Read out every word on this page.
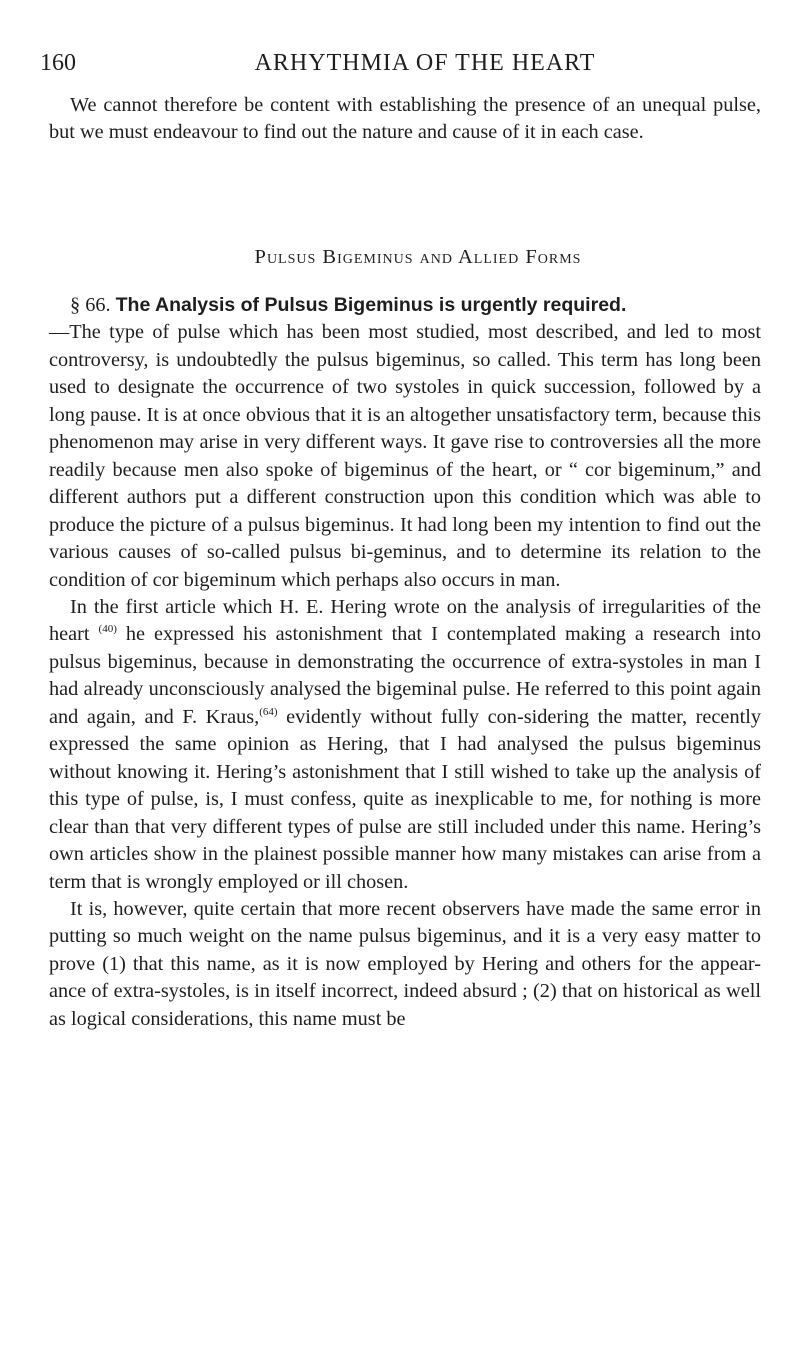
160	ARHYTHMIA OF THE HEART

We cannot therefore be content with establishing the presence of an unequal pulse, but we must endeavour to find out the nature and cause of it in each case.

Pulsus Bigeminus and Allied Forms

§ 66. The Analysis of Pulsus Bigeminus is urgently required.
—The type of pulse which has been most studied, most described, and led to most controversy, is undoubtedly the pulsus bigeminus, so called. This term has long been used to designate the occurrence of two systoles in quick succession, followed by a long pause. It is at once obvious that it is an altogether unsatisfactory term, because this phenomenon may arise in very different ways. It gave rise to controversies all the more readily because men also spoke of bigeminus of the heart, or “ cor bigeminum,” and different authors put a different construction upon this condition which was able to produce the picture of a pulsus bigeminus. It had long been my intention to find out the various causes of so-called pulsus bi-geminus, and to determine its relation to the condition of cor bigeminum which perhaps also occurs in man.

In the first article which H. E. Hering wrote on the analysis of irregularities of the heart $^{(40)}$ he expressed his astonishment that I contemplated making a research into pulsus bigeminus, because in demonstrating the occurrence of extra-systoles in man I had already unconsciously analysed the bigeminal pulse. He referred to this point again and again, and F. Kraus,$^{(64)}$ evidently without fully con-sidering the matter, recently expressed the same opinion as Hering, that I had analysed the pulsus bigeminus without knowing it. Hering’s astonishment that I still wished to take up the analysis of this type of pulse, is, I must confess, quite as inexplicable to me, for nothing is more clear than that very different types of pulse are still included under this name. Hering’s own articles show in the plainest possible manner how many mistakes can arise from a term that is wrongly employed or ill chosen.

It is, however, quite certain that more recent observers have made the same error in putting so much weight on the name pulsus bigeminus, and it is a very easy matter to prove (1) that this name, as it is now employed by Hering and others for the appear-ance of extra-systoles, is in itself incorrect, indeed absurd ; (2) that on historical as well as logical considerations, this name must be
